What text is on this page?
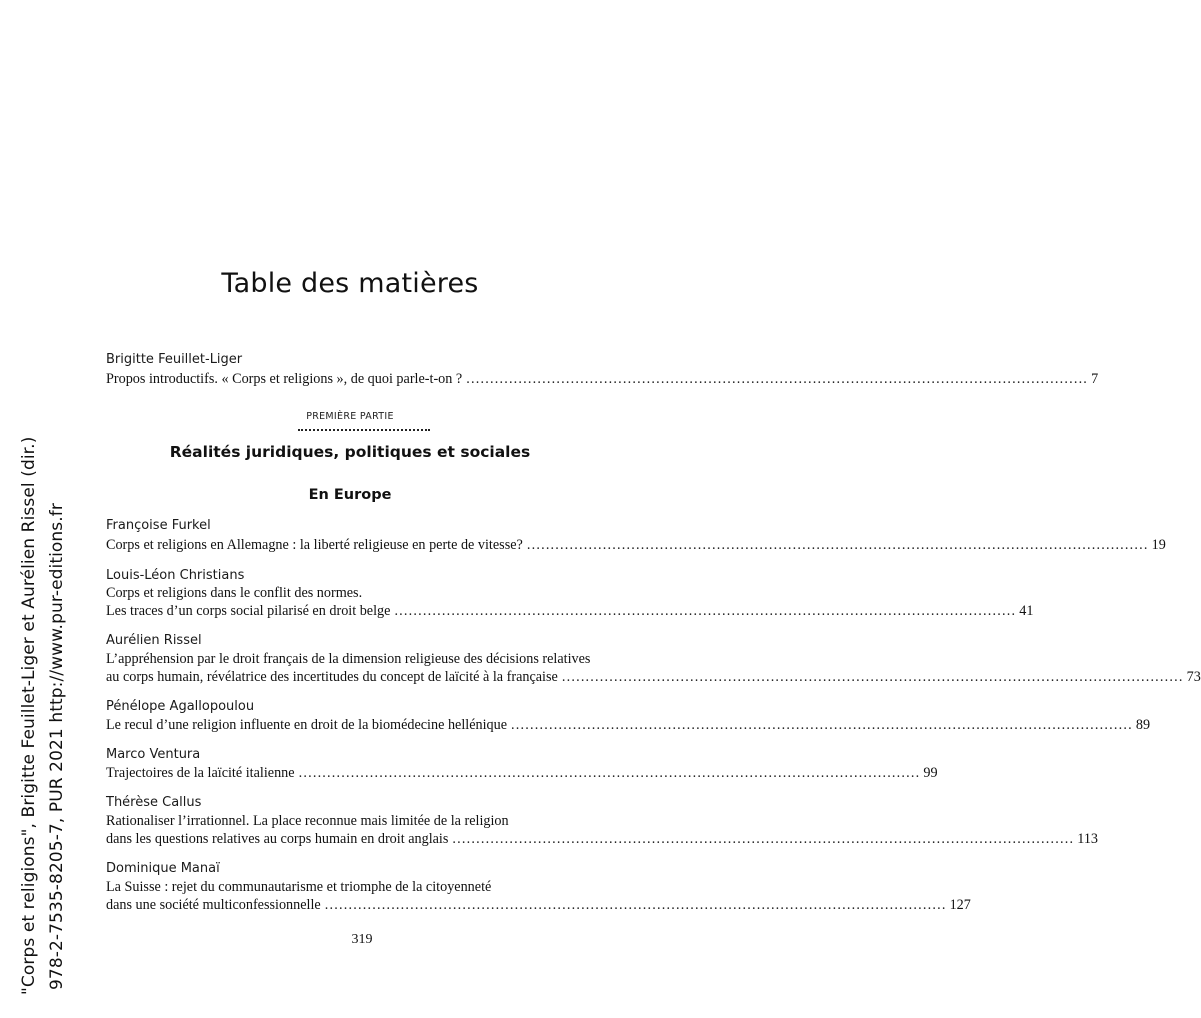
Table des matières
Brigitte Feuillet-Liger
Propos introductifs. « Corps et religions », de quoi parle-t-on ? ................................................................................................................................... 7
PREMIÈRE PARTIE
Réalités juridiques, politiques et sociales
En Europe
Françoise Furkel
Corps et religions en Allemagne : la liberté religieuse en perte de vitesse? ................................................................................................................................... 19
Louis-Léon Christians
Corps et religions dans le conflit des normes.
Les traces d’un corps social pilarisé en droit belge ................................................................................................................................... 41
Aurélien Rissel
L’appréhension par le droit français de la dimension religieuse des décisions relatives
au corps humain, révélatrice des incertitudes du concept de laïcité à la française ................................................................................................................................... 73
Pénélope Agallopoulou
Le recul d’une religion influente en droit de la biomédecine hellénique ................................................................................................................................... 89
Marco Ventura
Trajectoires de la laïcité italienne ................................................................................................................................... 99
Thérèse Callus
Rationaliser l’irrationnel. La place reconnue mais limitée de la religion
dans les questions relatives au corps humain en droit anglais ................................................................................................................................... 113
Dominique Manaï
La Suisse : rejet du communautarisme et triomphe de la citoyenneté
dans une société multiconfessionnelle ................................................................................................................................... 127
319
"Corps et religions", Brigitte Feuillet-Liger et Aurélien Rissel (dir.) 978-2-7535-8205-7, PUR 2021 http://www.pur-editions.fr
